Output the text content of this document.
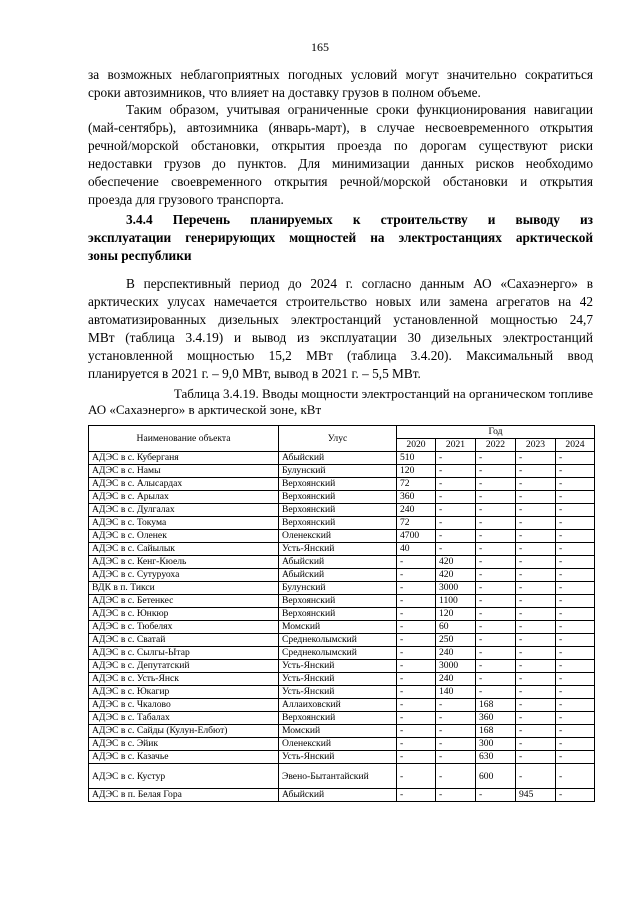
165
за возможных неблагоприятных погодных условий могут значительно сократиться
сроки автозимников, что влияет на доставку грузов в полном объеме.
Таким образом, учитывая ограниченные сроки функционирования навигации
(май-сентябрь), автозимника (январь-март), в случае несвоевременного открытия
речной/морской обстановки, открытия проезда по дорогам существуют риски
недоставки грузов до пунктов. Для минимизации данных рисков необходимо
обеспечение своевременного открытия речной/морской обстановки и открытия
проезда для грузового транспорта.
3.4.4 Перечень планируемых к строительству и выводу из
эксплуатации генерирующих мощностей на электростанциях арктической
зоны республики
В перспективный период до 2024 г. согласно данным АО «Сахаэнерго» в
арктических улусах намечается строительство новых или замена агрегатов на 42
автоматизированных дизельных электростанций установленной мощностью 24,7
МВт (таблица 3.4.19) и вывод из эксплуатации 30 дизельных электростанций
установленной мощностью 15,2 МВт (таблица 3.4.20). Максимальный ввод
планируется в 2021 г. – 9,0 МВт, вывод в 2021 г. – 5,5 МВт.
Таблица 3.4.19. Вводы мощности электростанций на органическом топливе
АО «Сахаэнерго» в арктической зоне, кВт
Наименование объекта	Улус	Год				
		2020	2021	2022	2023	2024
АДЭС в с. Куберганя	Абыйский	510	-	-	-	-
АДЭС в с. Намы	Булунский	120	-	-	-	-
АДЭС в с. Алысардах	Верхоянский	72	-	-	-	-
АДЭС в с. Арылах	Верхоянский	360	-	-	-	-
АДЭС в с. Дулгалах	Верхоянский	240	-	-	-	-
АДЭС в с. Токума	Верхоянский	72	-	-	-	-
АДЭС в с. Оленек	Оленекский	4700	-	-	-	-
АДЭС в с. Сайылык	Усть-Янский	40	-	-	-	-
АДЭС в с. Кенг-Кюель	Абыйский	-	420	-	-	-
АДЭС в с. Сутуруоха	Абыйский	-	420	-	-	-
ВДК в п. Тикси	Булунский	-	3000	-	-	-
АДЭС в с. Бетенкес	Верхоянский	-	1100	-	-	-
АДЭС в с. Юнкюр	Верхоянский	-	120	-	-	-
АДЭС в с. Тюбелях	Момский	-	60	-	-	-
АДЭС в с. Сватай	Среднеколымский	-	250	-	-	-
АДЭС в с. Сылгы-Ытар	Среднеколымский	-	240	-	-	-
АДЭС в с. Депутатский	Усть-Янский	-	3000	-	-	-
АДЭС в с. Усть-Янск	Усть-Янский	-	240	-	-	-
АДЭС в с. Юкагир	Усть-Янский	-	140	-	-	-
АДЭС в с. Чкалово	Аллаиховский	-	-	168	-	-
АДЭС в с. Табалах	Верхоянский	-	-	360	-	-
АДЭС в с. Сайды (Кулун-Елбют)	Момский	-	-	168	-	-
АДЭС в с. Эйик	Оленекский	-	-	300	-	-
АДЭС в с. Казачье	Усть-Янский	-	-	630	-	-
АДЭС в с. Кустур	Эвено-Бытантайский	-	-	600	-	-
АДЭС в п. Белая Гора	Абыйский	-	-	-	945	-
